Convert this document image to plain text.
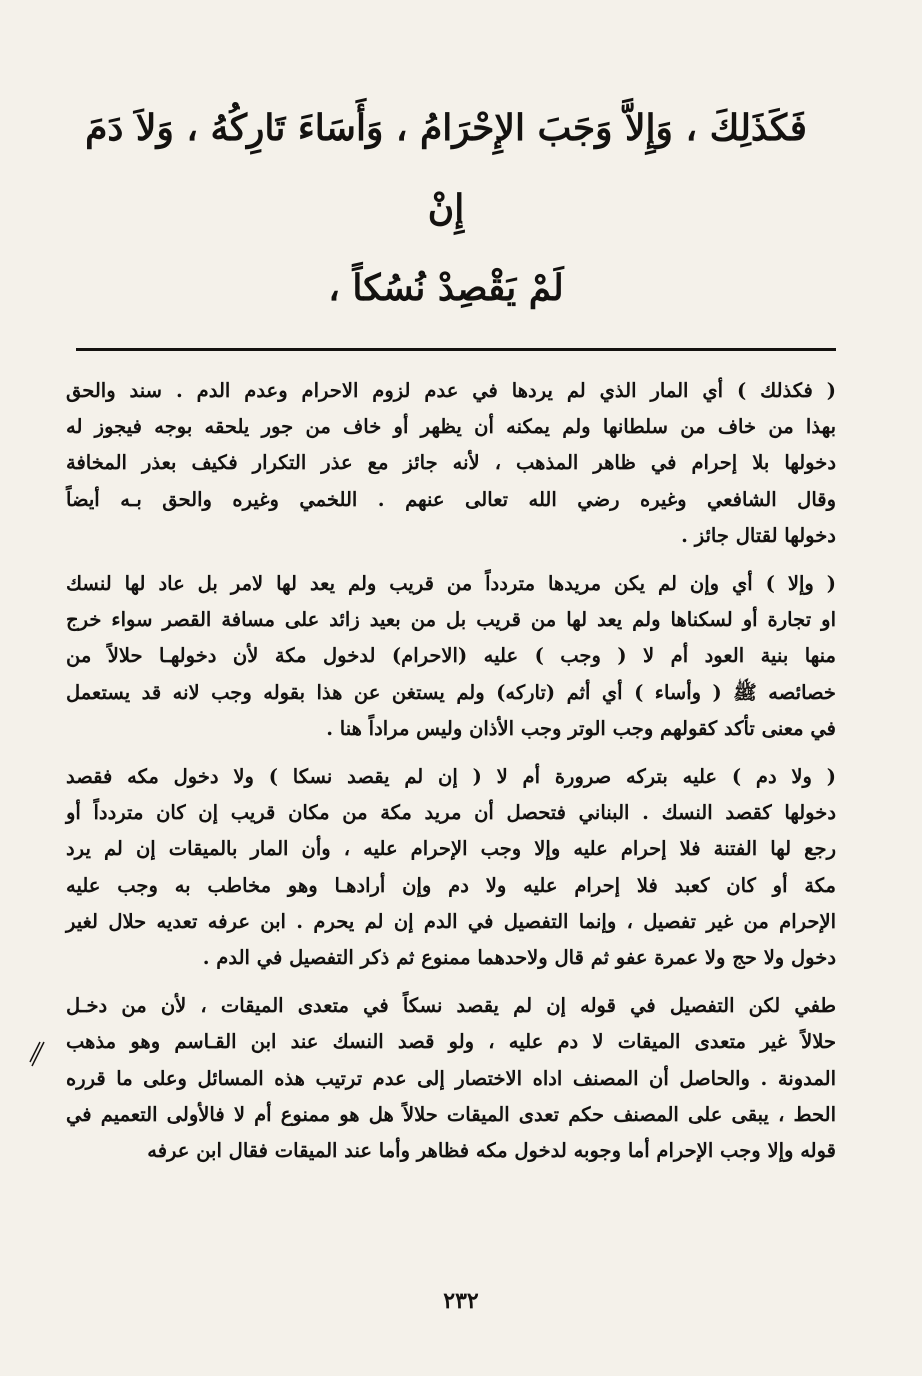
فَكَذَلِكَ ، وَإِلاَّ وَجَبَ الإِحْرَامُ ، وَأَسَاءَ تَارِكُهُ ، وَلاَ دَمَ إِنْ

لَمْ يَقْصِدْ نُسُكاً ،

( فكذلك ) أي المار الذي لم يردها في عدم لزوم الاحرام وعدم الدم . سند والحق
بهذا من خاف من سلطانها ولم يمكنه أن يظهر أو خاف من جور يلحقه بوجه فيجوز له
دخولها بلا إحرام في ظاهر المذهب ، لأنه جائز مع عذر التكرار فكيف بعذر المخافة
وقال الشافعي وغيره رضي الله تعالى عنهم . اللخمي وغيره والحق بـه أيضاً
دخولها لقتال جائز .
( وإلا ) أي وإن لم يكن مريدها متردداً من قريب ولم يعد لها لامر بل عاد لها لنسك
او تجارة أو لسكناها ولم يعد لها من قريب بل من بعيد زائد على مسافة القصر سواء خرج
منها بنية العود أم لا ( وجب ) عليه (الاحرام) لدخول مكة لأن دخولهـا حلالاً من
خصائصه ﷺ ( وأساء ) أي أثم (تاركه) ولم يستغن عن هذا بقوله وجب لانه قد يستعمل
في معنى تأكد كقولهم وجب الوتر وجب الأذان وليس مراداً هنا .
( ولا دم ) عليه بتركه صرورة أم لا ( إن لم يقصد نسكا ) ولا دخول مكه فقصد
دخولها كقصد النسك . البناني فتحصل أن مريد مكة من مكان قريب إن كان متردداً أو
رجع لها الفتنة فلا إحرام عليه وإلا وجب الإحرام عليه ، وأن المار بالميقات إن لم يرد
مكة أو كان كعبد فلا إحرام عليه ولا دم وإن أرادهـا وهو مخاطب به وجب عليه
الإحرام من غير تفصيل ، وإنما التفصيل في الدم إن لم يحرم . ابن عرفه تعديه حلال لغير
دخول ولا حج ولا عمرة عفو ثم قال ولاحدهما ممنوع ثم ذكر التفصيل في الدم .
طفي لكن التفصيل في قوله إن لم يقصد نسكاً في متعدى الميقات ، لأن من دخـل
حلالاً غير متعدى الميقات لا دم عليه ، ولو قصد النسك عند ابن القـاسم وهو مذهب
المدونة . والحاصل أن المصنف اداه الاختصار إلى عدم ترتيب هذه المسائل وعلى ما قرره
الحط ، يبقى على المصنف حكم تعدى الميقات حلالاً هل هو ممنوع أم لا فالأولى التعميم في
قوله وإلا وجب الإحرام أما وجوبه لدخول مكه فظاهر وأما عند الميقات فقال ابن عرفه
٢٣٢
